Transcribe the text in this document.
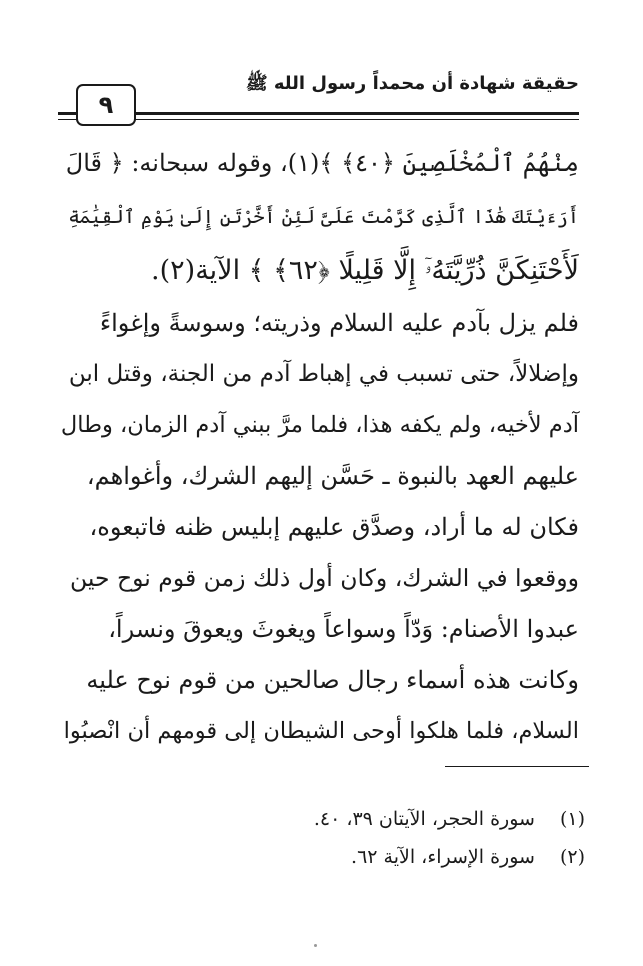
حقيقة شهادة أن محمداً رسول الله ﷺ
٩
مِنْهُمُ ٱلْمُخْلَصِينَ ﴿٤٠﴾ ﴾(١)، وقوله سبحانه: ﴿ قَالَ
أَرَءَيْتَكَ هَٰذَا ٱلَّذِى كَرَّمْتَ عَلَىَّ لَئِنْ أَخَّرْتَنِ إِلَىٰ يَوْمِ ٱلْقِيَٰمَةِ
لَأَحْتَنِكَنَّ ذُرِّيَّتَهُۥٓ إِلَّا قَلِيلًا ﴿٦٢﴾ ﴾ الآية(٢).
فلم يزل بآدم عليه السلام وذريته؛ وسوسةً وإغواءً
وإضلالاً، حتى تسبب في إهباط آدم من الجنة، وقتل ابن
آدم لأخيه، ولم يكفه هذا، فلما مرَّ ببني آدم الزمان، وطال
عليهم العهد بالنبوة ـ حَسَّن إليهم الشرك، وأغواهم،
فكان له ما أراد، وصدَّق عليهم إبليس ظنه فاتبعوه،
ووقعوا في الشرك، وكان أول ذلك زمن قوم نوح حين
عبدوا الأصنام: وَدّاً وسواعاً ويغوثَ ويعوقَ ونسراً،
وكانت هذه أسماء رجال صالحين من قوم نوح عليه
السلام، فلما هلكوا أوحى الشيطان إلى قومهم أن انْصبُوا
(١) سورة الحجر، الآيتان ٣٩، ٤٠.
(٢) سورة الإسراء، الآية ٦٢.
